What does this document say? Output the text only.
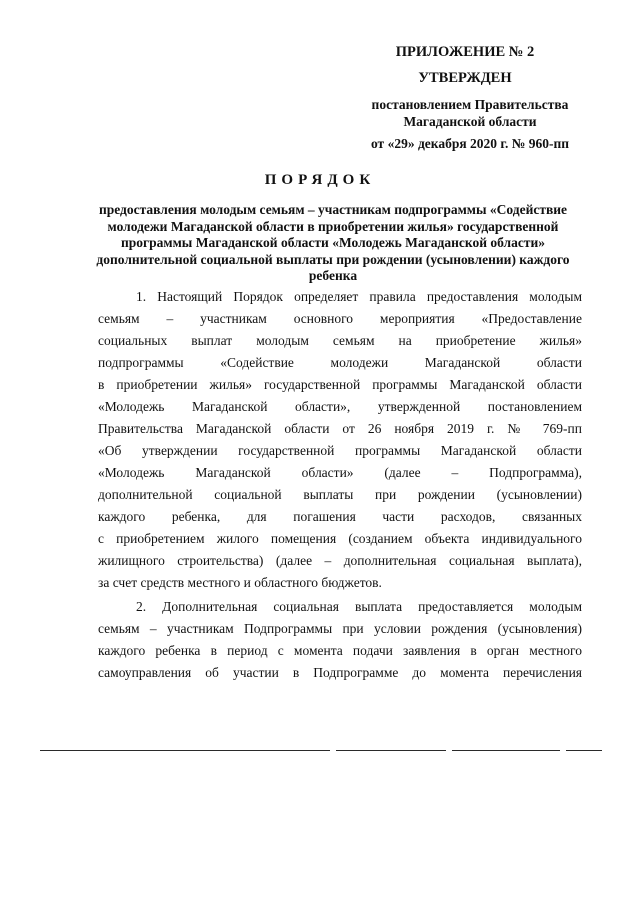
ПРИЛОЖЕНИЕ № 2
УТВЕРЖДЕН
постановлением Правительства Магаданской области
от «29» декабря 2020 г. № 960-пп
ПОРЯДОК

предоставления молодым семьям – участникам подпрограммы «Содействие молодежи Магаданской области в приобретении жилья» государственной программы Магаданской области «Молодежь Магаданской области» дополнительной социальной выплаты при рождении (усыновлении) каждого ребенка

1. Настоящий Порядок определяет правила предоставления молодым
семьям – участникам основного мероприятия «Предоставление
социальных выплат молодым семьям на приобретение жилья»
подпрограммы «Содействие молодежи Магаданской области
в приобретении жилья» государственной программы Магаданской области
«Молодежь Магаданской области», утвержденной постановлением
Правительства Магаданской области от 26 ноября 2019 г. № 769-пп
«Об утверждении государственной программы Магаданской области
«Молодежь Магаданской области» (далее – Подпрограмма),
дополнительной социальной выплаты при рождении (усыновлении)
каждого ребенка, для погашения части расходов, связанных
с приобретением жилого помещения (созданием объекта индивидуального
жилищного строительства) (далее – дополнительная социальная выплата),
за счет средств местного и областного бюджетов.
2. Дополнительная социальная выплата предоставляется молодым
семьям – участникам Подпрограммы при условии рождения (усыновления)
каждого ребенка в период с момента подачи заявления в орган местного
самоуправления об участии в Подпрограмме до момента перечисления
